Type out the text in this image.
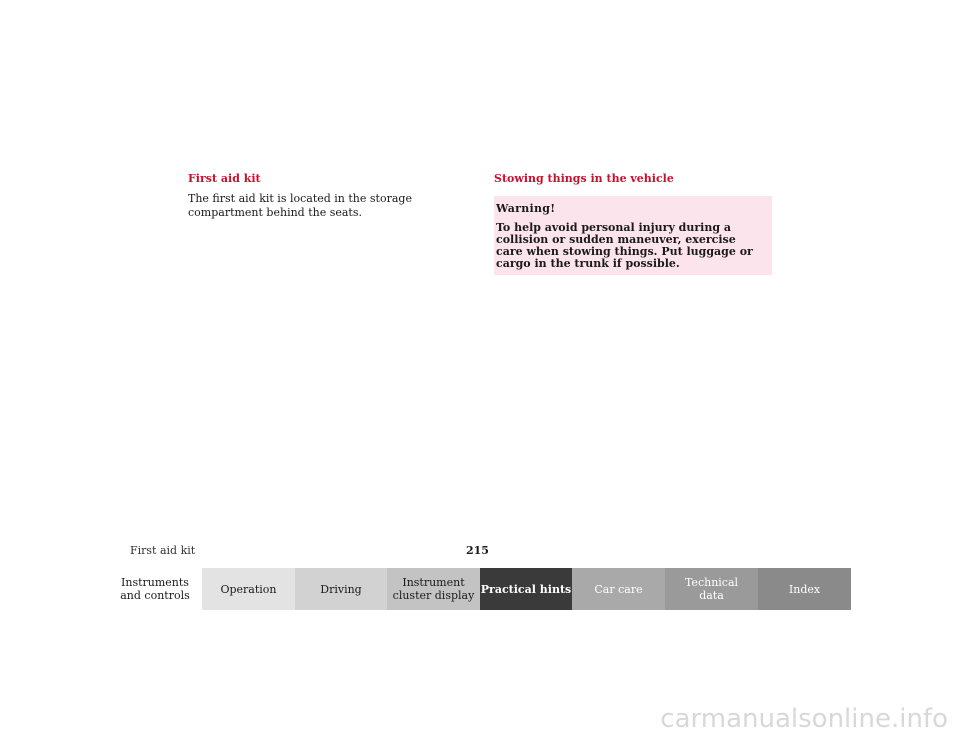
First aid kit

The first aid kit is located in the storage compartment behind the seats.

Stowing things in the vehicle

Warning!

To help avoid personal injury during a collision or sudden maneuver, exercise care when stowing things. Put luggage or cargo in the trunk if possible.

First aid kit	215
Instruments
and controls	Operation	Driving	Instrument
cluster display Practical hints	Car care	Technical
data	Index
carmanualsonline.info
